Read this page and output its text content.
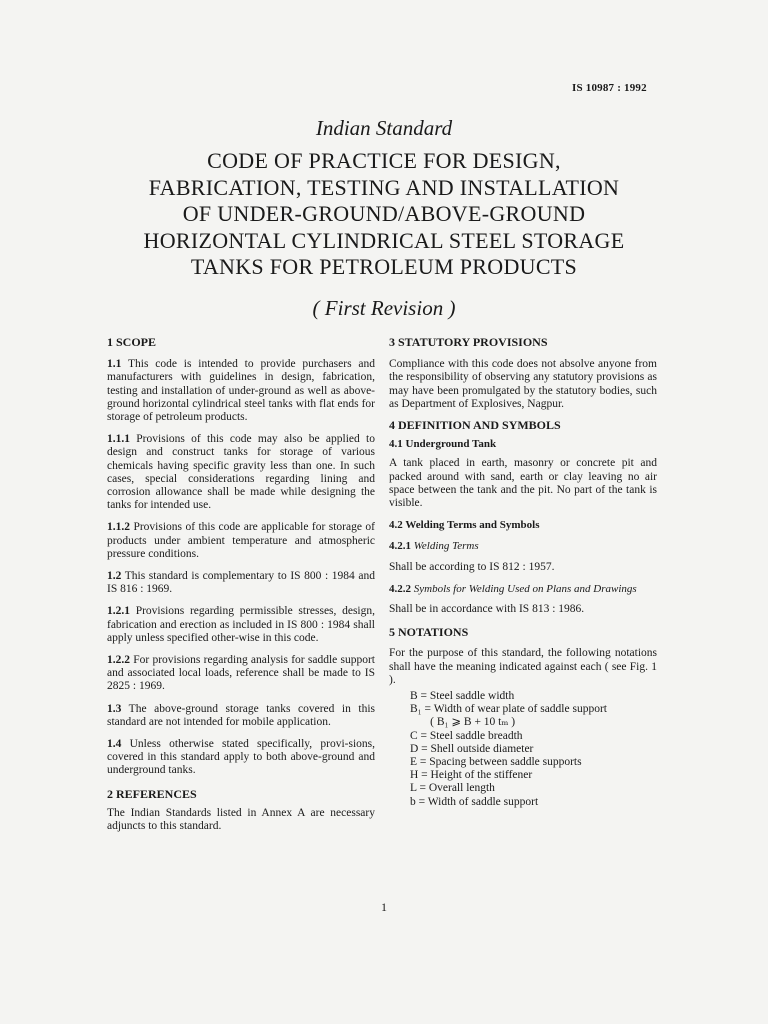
IS 10987 : 1992
Indian Standard
CODE OF PRACTICE FOR DESIGN,
FABRICATION, TESTING AND INSTALLATION
OF UNDER-GROUND/ABOVE-GROUND
HORIZONTAL CYLINDRICAL STEEL STORAGE
TANKS FOR PETROLEUM PRODUCTS
( First Revision )

1 SCOPE

1.1 This code is intended to provide purchasers and manufacturers with guidelines in design, fabrication, testing and installation of under-ground as well as above-ground horizontal cylindrical steel tanks with flat ends for storage of petroleum products.

1.1.1 Provisions of this code may also be applied to design and construct tanks for storage of various chemicals having specific gravity less than one. In such cases, special considerations regarding lining and corrosion allowance shall be made while designing the tanks for intended use.

1.1.2 Provisions of this code are applicable for storage of products under ambient temperature and atmospheric pressure conditions.

1.2 This standard is complementary to IS 800 : 1984 and IS 816 : 1969.

1.2.1 Provisions regarding permissible stresses, design, fabrication and erection as included in IS 800 : 1984 shall apply unless specified other-wise in this code.

1.2.2 For provisions regarding analysis for saddle support and associated local loads, reference shall be made to IS 2825 : 1969.

1.3 The above-ground storage tanks covered in this standard are not intended for mobile application.

1.4 Unless otherwise stated specifically, provi-sions, covered in this standard apply to both above-ground and underground tanks.

2 REFERENCES

The Indian Standards listed in Annex A are necessary adjuncts to this standard.

3 STATUTORY PROVISIONS

Compliance with this code does not absolve anyone from the responsibility of observing any statutory provisions as may have been promulgated by the statutory bodies, such as Department of Explosives, Nagpur.

4 DEFINITION AND SYMBOLS

4.1 Underground Tank

A tank placed in earth, masonry or concrete pit and packed around with sand, earth or clay leaving no air space between the tank and the pit. No part of the tank is visible.

4.2 Welding Terms and Symbols

4.2.1 Welding Terms

Shall be according to IS 812 : 1957.

4.2.2 Symbols for Welding Used on Plans and Drawings

Shall be in accordance with IS 813 : 1986.

5 NOTATIONS

For the purpose of this standard, the following notations shall have the meaning indicated against each ( see Fig. 1 ).

B = Steel saddle width
B₁ = Width of wear plate of saddle support
( B₁ ⩾ B + 10 tₘ )
C = Steel saddle breadth
D = Shell outside diameter
E = Spacing between saddle supports
H = Height of the stiffener
L = Overall length
b = Width of saddle support
1
